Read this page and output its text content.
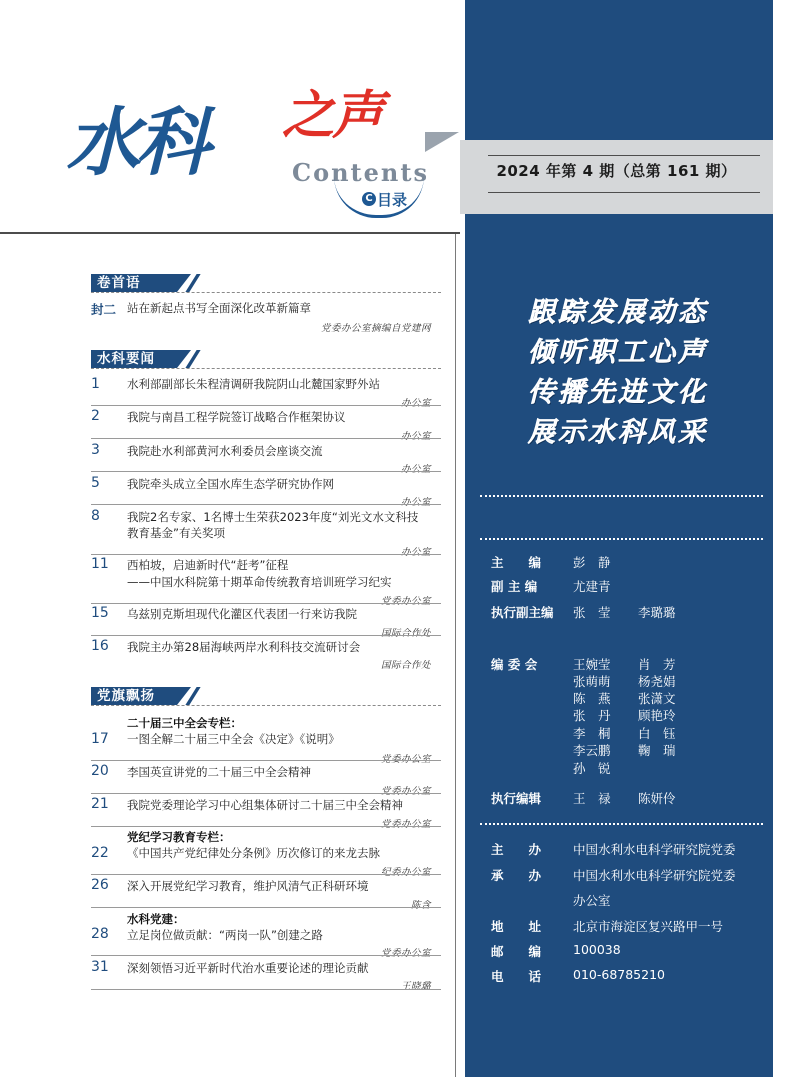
2024 年第 4 期（总第 161 期）
跟踪发展动态
倾听职工心声
传播先进文化
展示水科风采
主　　编	彭　静
副 主 编	尤建青
执行副主编 张　莹 李璐璐
编 委 会	王婉莹 肖　芳
张萌萌 杨尧娟
陈　燕 张潇文
张　丹 顾艳玲
李　桐 白　钰
李云鹏 鞠　瑞
孙　锐
执行编辑	王　禄 陈妍伶
主　　办	中国水利水电科学研究院党委
承　　办	中国水利水电科学研究院党委
办公室
地　　址	北京市海淀区复兴路甲一号
邮　　编	100038
电　　话	010-68785210
水科 之声
Contents
C 目录
卷首语
封二 站在新起点书写全面深化改革新篇章
党委办公室摘编自党建网
水科要闻
1 水利部副部长朱程清调研我院阴山北麓国家野外站
办公室
2 我院与南昌工程学院签订战略合作框架协议
办公室
3 我院赴水利部黄河水利委员会座谈交流
办公室
5 我院牵头成立全国水库生态学研究协作网
办公室
8 我院2名专家、1名博士生荣获2023年度“刘光文水文科技
教育基金”有关奖项
办公室
11 西柏坡，启迪新时代“赶考”征程
——中国水科院第十期革命传统教育培训班学习纪实
党委办公室
15 乌兹别克斯坦现代化灌区代表团一行来访我院
国际合作处
16 我院主办第28届海峡两岸水利科技交流研讨会
国际合作处
党旗飘扬
二十届三中全会专栏：
17 一图全解二十届三中全会《决定》《说明》
党委办公室
20 李国英宣讲党的二十届三中全会精神
党委办公室
21 我院党委理论学习中心组集体研讨二十届三中全会精神
党委办公室
党纪学习教育专栏：
22 《中国共产党纪律处分条例》历次修订的来龙去脉
纪委办公室
26 深入开展党纪学习教育，维护风清气正科研环境
陈含
水科党建：
28 立足岗位做贡献：“两岗一队”创建之路
党委办公室
31 深刻领悟习近平新时代治水重要论述的理论贡献
王晓璐
